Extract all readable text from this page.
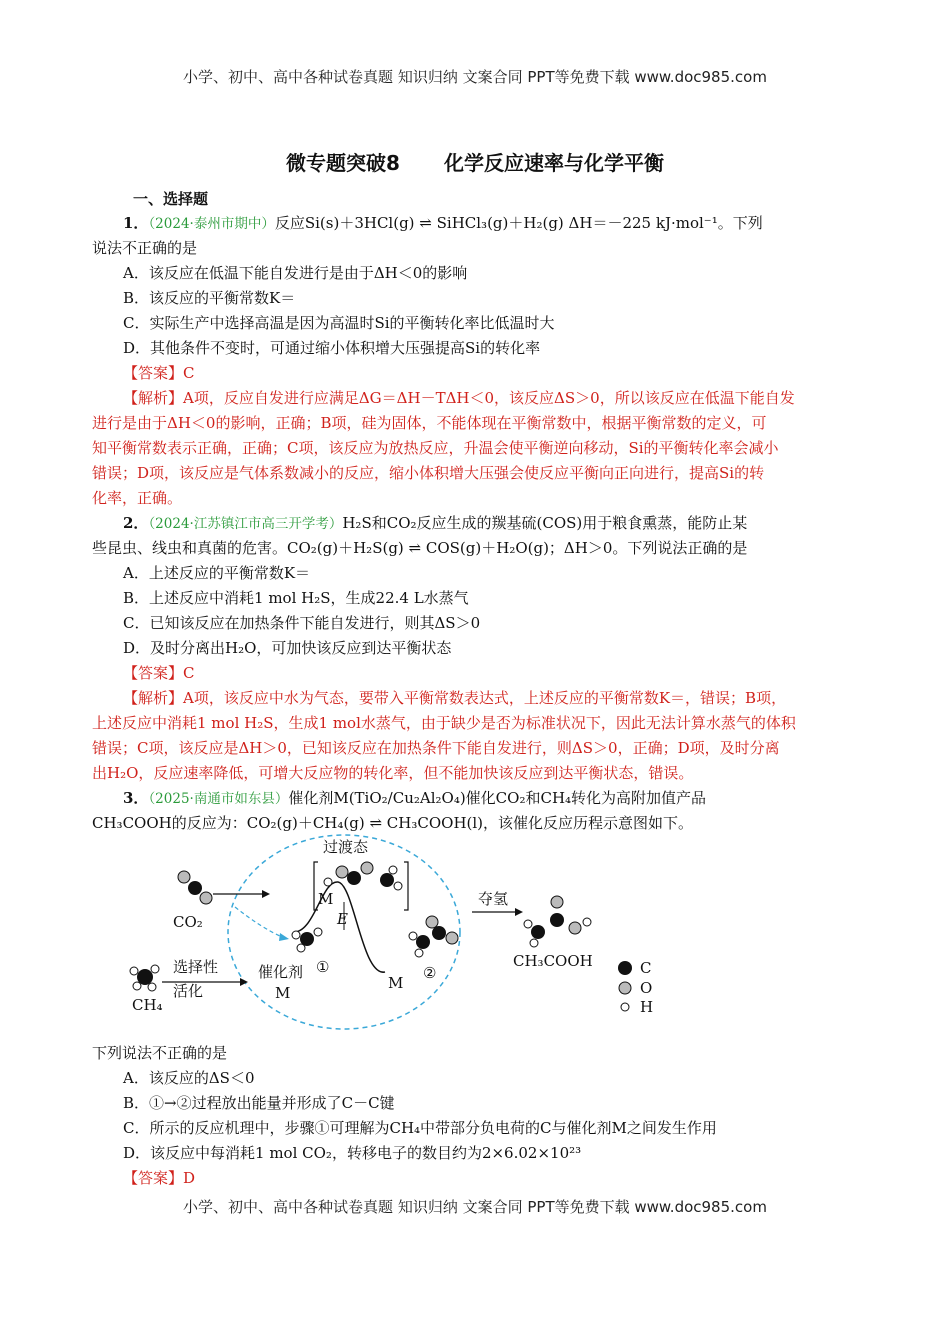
小学、初中、高中各种试卷真题 知识归纳 文案合同 PPT等免费下载 www.doc985.com
微专题突破8 化学反应速率与化学平衡
一、选择题
1．（2024·泰州市期中）反应Si(s)＋3HCl(g) ⇌ SiHCl₃(g)＋H₂(g) ΔH＝－225 kJ·mol⁻¹。下列
说法不正确的是
A．该反应在低温下能自发进行是由于ΔH＜0的影响
B．该反应的平衡常数K＝
C．实际生产中选择高温是因为高温时Si的平衡转化率比低温时大
D．其他条件不变时，可通过缩小体积增大压强提高Si的转化率
【答案】C
【解析】A项，反应自发进行应满足ΔG＝ΔH－TΔH＜0，该反应ΔS＞0，所以该反应在低温下能自发
进行是由于ΔH＜0的影响，正确；B项，硅为固体，不能体现在平衡常数中，根据平衡常数的定义，可
知平衡常数表示正确，正确；C项，该反应为放热反应，升温会使平衡逆向移动，Si的平衡转化率会减小
错误；D项，该反应是气体系数减小的反应，缩小体积增大压强会使反应平衡向正向进行，提高Si的转
化率，正确。
2．（2024·江苏镇江市高三开学考）H₂S和CO₂反应生成的羰基硫(COS)用于粮食熏蒸，能防止某
些昆虫、线虫和真菌的危害。CO₂(g)＋H₂S(g) ⇌ COS(g)＋H₂O(g)；ΔH＞0。下列说法正确的是
A．上述反应的平衡常数K＝
B．上述反应中消耗1 mol H₂S，生成22.4 L水蒸气
C．已知该反应在加热条件下能自发进行，则其ΔS＞0
D．及时分离出H₂O，可加快该反应到达平衡状态
【答案】C
【解析】A项，该反应中水为气态，要带入平衡常数表达式，上述反应的平衡常数K＝，错误；B项，
上述反应中消耗1 mol H₂S，生成1 mol水蒸气，由于缺少是否为标准状况下，因此无法计算水蒸气的体积
错误；C项，该反应是ΔH＞0，已知该反应在加热条件下能自发进行，则ΔS＞0，正确；D项，及时分离
出H₂O，反应速率降低，可增大反应物的转化率，但不能加快该反应到达平衡状态，错误。
3．（2025·南通市如东县）催化剂M(TiO₂/Cu₂Al₂O₄)催化CO₂和CH₄转化为高附加值产品
CH₃COOH的反应为：CO₂(g)＋CH₄(g) ⇌ CH₃COOH(l)，该催化反应历程示意图如下。
过渡态
CO₂
CH₄
选择性
活化
催化剂 ①
M
M
M
②
E
夺氢
CH₃COOH	C
O
H
下列说法不正确的是
A．该反应的ΔS＜0
B．①→②过程放出能量并形成了C－C键
C．所示的反应机理中，步骤①可理解为CH₄中带部分负电荷的C与催化剂M之间发生作用
D．该反应中每消耗1 mol CO₂，转移电子的数目约为2×6.02×10²³
【答案】D
小学、初中、高中各种试卷真题 知识归纳 文案合同 PPT等免费下载 www.doc985.com
